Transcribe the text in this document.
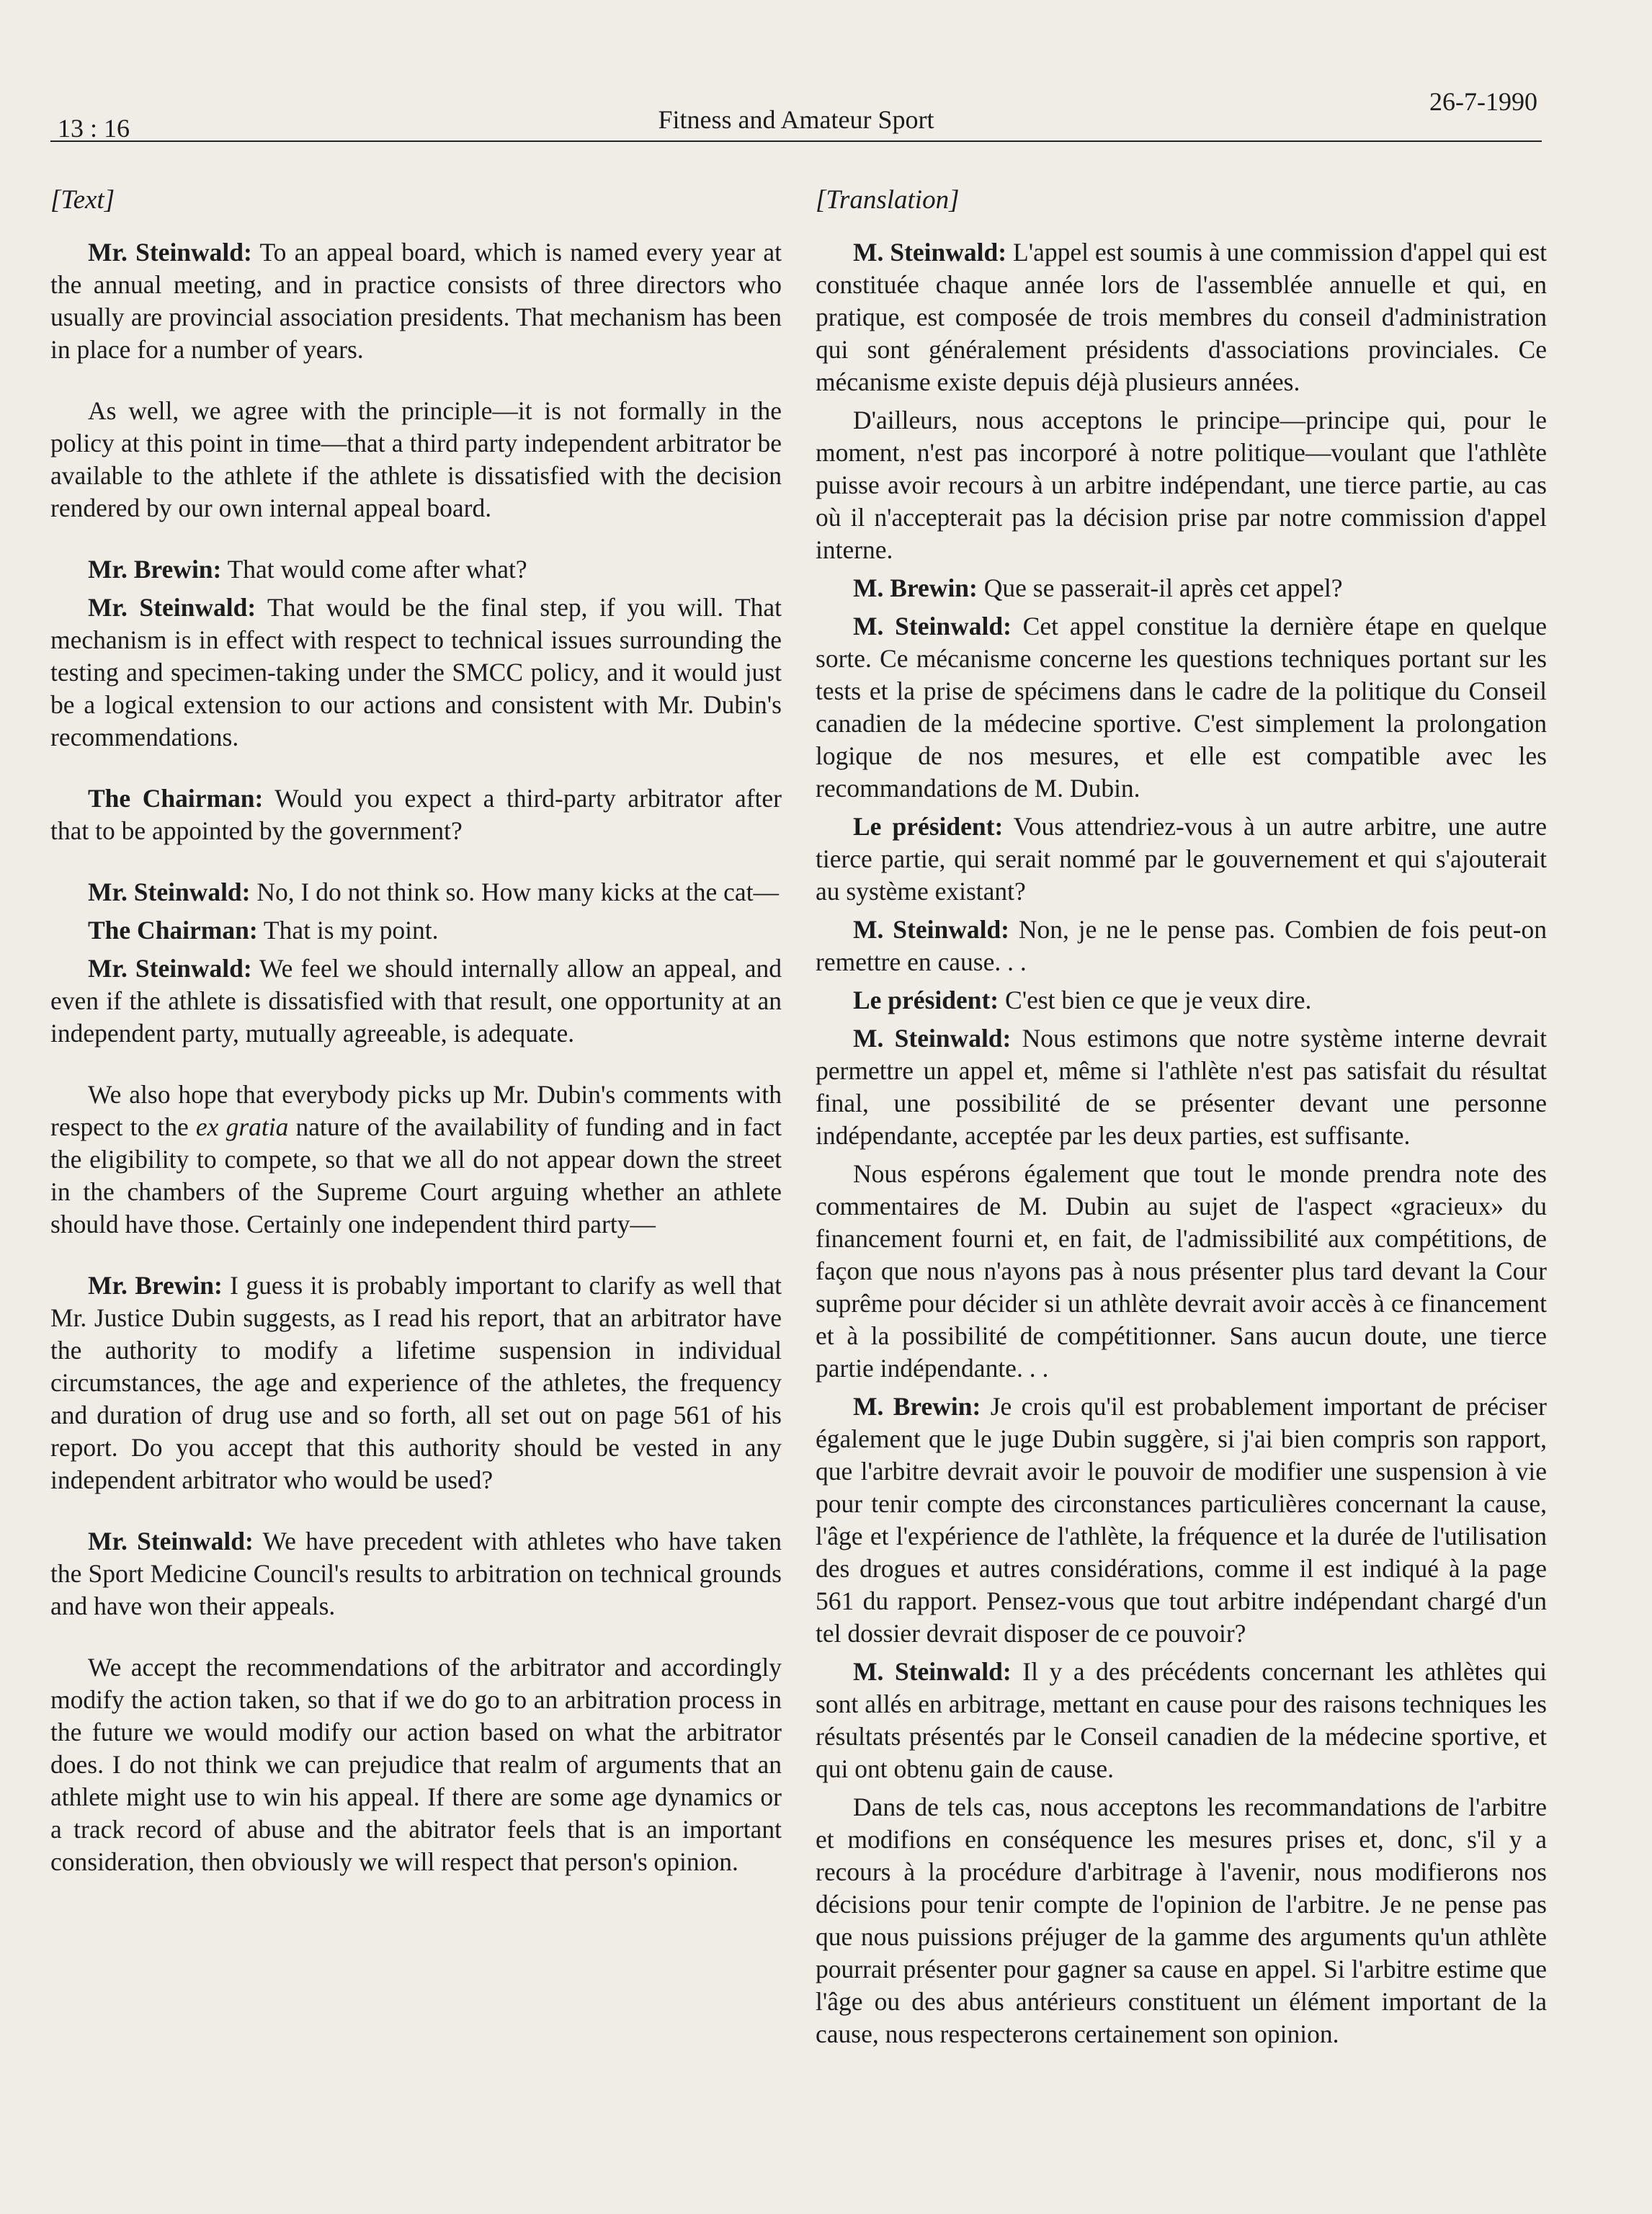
13 : 16	Fitness and Amateur Sport
26-7-1990

[Text]

Mr. Steinwald: To an appeal board, which is named every year at the annual meeting, and in practice consists of three directors who usually are provincial association presidents. That mechanism has been in place for a number of years.

As well, we agree with the principle—it is not formally in the policy at this point in time—that a third party independent arbitrator be available to the athlete if the athlete is dissatisfied with the decision rendered by our own internal appeal board.

Mr. Brewin: That would come after what?

Mr. Steinwald: That would be the final step, if you will. That mechanism is in effect with respect to technical issues surrounding the testing and specimen-taking under the SMCC policy, and it would just be a logical extension to our actions and consistent with Mr. Dubin's recommendations.

The Chairman: Would you expect a third-party arbitrator after that to be appointed by the government?

Mr. Steinwald: No, I do not think so. How many kicks at the cat—

The Chairman: That is my point.

Mr. Steinwald: We feel we should internally allow an appeal, and even if the athlete is dissatisfied with that result, one opportunity at an independent party, mutually agreeable, is adequate.

We also hope that everybody picks up Mr. Dubin's comments with respect to the ex gratia nature of the availability of funding and in fact the eligibility to compete, so that we all do not appear down the street in the chambers of the Supreme Court arguing whether an athlete should have those. Certainly one independent third party—

Mr. Brewin: I guess it is probably important to clarify as well that Mr. Justice Dubin suggests, as I read his report, that an arbitrator have the authority to modify a lifetime suspension in individual circumstances, the age and experience of the athletes, the frequency and duration of drug use and so forth, all set out on page 561 of his report. Do you accept that this authority should be vested in any independent arbitrator who would be used?

Mr. Steinwald: We have precedent with athletes who have taken the Sport Medicine Council's results to arbitration on technical grounds and have won their appeals.

We accept the recommendations of the arbitrator and accordingly modify the action taken, so that if we do go to an arbitration process in the future we would modify our action based on what the arbitrator does. I do not think we can prejudice that realm of arguments that an athlete might use to win his appeal. If there are some age dynamics or a track record of abuse and the abitrator feels that is an important consideration, then obviously we will respect that person's opinion.

[Translation]

M. Steinwald: L'appel est soumis à une commission d'appel qui est constituée chaque année lors de l'assemblée annuelle et qui, en pratique, est composée de trois membres du conseil d'administration qui sont généralement présidents d'associations provinciales. Ce mécanisme existe depuis déjà plusieurs années.

D'ailleurs, nous acceptons le principe—principe qui, pour le moment, n'est pas incorporé à notre politique—voulant que l'athlète puisse avoir recours à un arbitre indépendant, une tierce partie, au cas où il n'accepterait pas la décision prise par notre commission d'appel interne.

M. Brewin: Que se passerait-il après cet appel?

M. Steinwald: Cet appel constitue la dernière étape en quelque sorte. Ce mécanisme concerne les questions techniques portant sur les tests et la prise de spécimens dans le cadre de la politique du Conseil canadien de la médecine sportive. C'est simplement la prolongation logique de nos mesures, et elle est compatible avec les recommandations de M. Dubin.

Le président: Vous attendriez-vous à un autre arbitre, une autre tierce partie, qui serait nommé par le gouvernement et qui s'ajouterait au système existant?

M. Steinwald: Non, je ne le pense pas. Combien de fois peut-on remettre en cause. . .

Le président: C'est bien ce que je veux dire.

M. Steinwald: Nous estimons que notre système interne devrait permettre un appel et, même si l'athlète n'est pas satisfait du résultat final, une possibilité de se présenter devant une personne indépendante, acceptée par les deux parties, est suffisante.

Nous espérons également que tout le monde prendra note des commentaires de M. Dubin au sujet de l'aspect «gracieux» du financement fourni et, en fait, de l'admissibilité aux compétitions, de façon que nous n'ayons pas à nous présenter plus tard devant la Cour suprême pour décider si un athlète devrait avoir accès à ce financement et à la possibilité de compétitionner. Sans aucun doute, une tierce partie indépendante. . .

M. Brewin: Je crois qu'il est probablement important de préciser également que le juge Dubin suggère, si j'ai bien compris son rapport, que l'arbitre devrait avoir le pouvoir de modifier une suspension à vie pour tenir compte des circonstances particulières concernant la cause, l'âge et l'expérience de l'athlète, la fréquence et la durée de l'utilisation des drogues et autres considérations, comme il est indiqué à la page 561 du rapport. Pensez-vous que tout arbitre indépendant chargé d'un tel dossier devrait disposer de ce pouvoir?

M. Steinwald: Il y a des précédents concernant les athlètes qui sont allés en arbitrage, mettant en cause pour des raisons techniques les résultats présentés par le Conseil canadien de la médecine sportive, et qui ont obtenu gain de cause.

Dans de tels cas, nous acceptons les recommandations de l'arbitre et modifions en conséquence les mesures prises et, donc, s'il y a recours à la procédure d'arbitrage à l'avenir, nous modifierons nos décisions pour tenir compte de l'opinion de l'arbitre. Je ne pense pas que nous puissions préjuger de la gamme des arguments qu'un athlète pourrait présenter pour gagner sa cause en appel. Si l'arbitre estime que l'âge ou des abus antérieurs constituent un élément important de la cause, nous respecterons certainement son opinion.
